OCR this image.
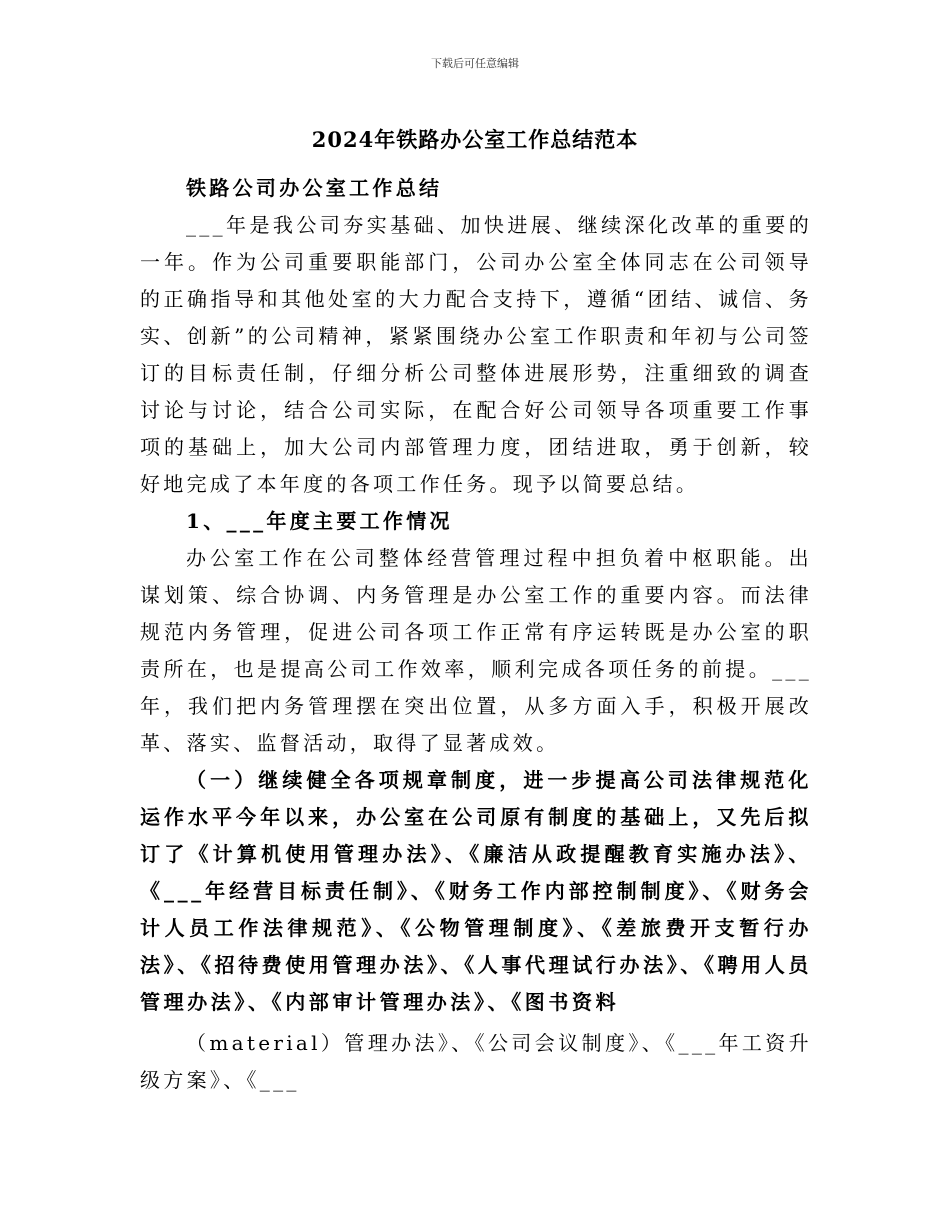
下载后可任意编辑
2024年铁路办公室工作总结范本

铁路公司办公室工作总结

___年是我公司夯实基础、加快进展、继续深化改革的重要的一年。作为公司重要职能部门，公司办公室全体同志在公司领导的正确指导和其他处室的大力配合支持下，遵循“团结、诚信、务实、创新”的公司精神，紧紧围绕办公室工作职责和年初与公司签订的目标责任制，仔细分析公司整体进展形势，注重细致的调查讨论与讨论，结合公司实际，在配合好公司领导各项重要工作事项的基础上，加大公司内部管理力度，团结进取，勇于创新，较好地完成了本年度的各项工作任务。现予以简要总结。

1、___年度主要工作情况

办公室工作在公司整体经营管理过程中担负着中枢职能。出谋划策、综合协调、内务管理是办公室工作的重要内容。而法律规范内务管理，促进公司各项工作正常有序运转既是办公室的职责所在，也是提高公司工作效率，顺利完成各项任务的前提。___年，我们把内务管理摆在突出位置，从多方面入手，积极开展改革、落实、监督活动，取得了显著成效。

（一）继续健全各项规章制度，进一步提高公司法律规范化运作水平今年以来，办公室在公司原有制度的基础上，又先后拟订了《计算机使用管理办法》、《廉洁从政提醒教育实施办法》、《___年经营目标责任制》、《财务工作内部控制制度》、《财务会计人员工作法律规范》、《公物管理制度》、《差旅费开支暂行办法》、《招待费使用管理办法》、《人事代理试行办法》、《聘用人员管理办法》、《内部审计管理办法》、《图书资料

（material）管理办法》、《公司会议制度》、《___年工资升级方案》、《___
